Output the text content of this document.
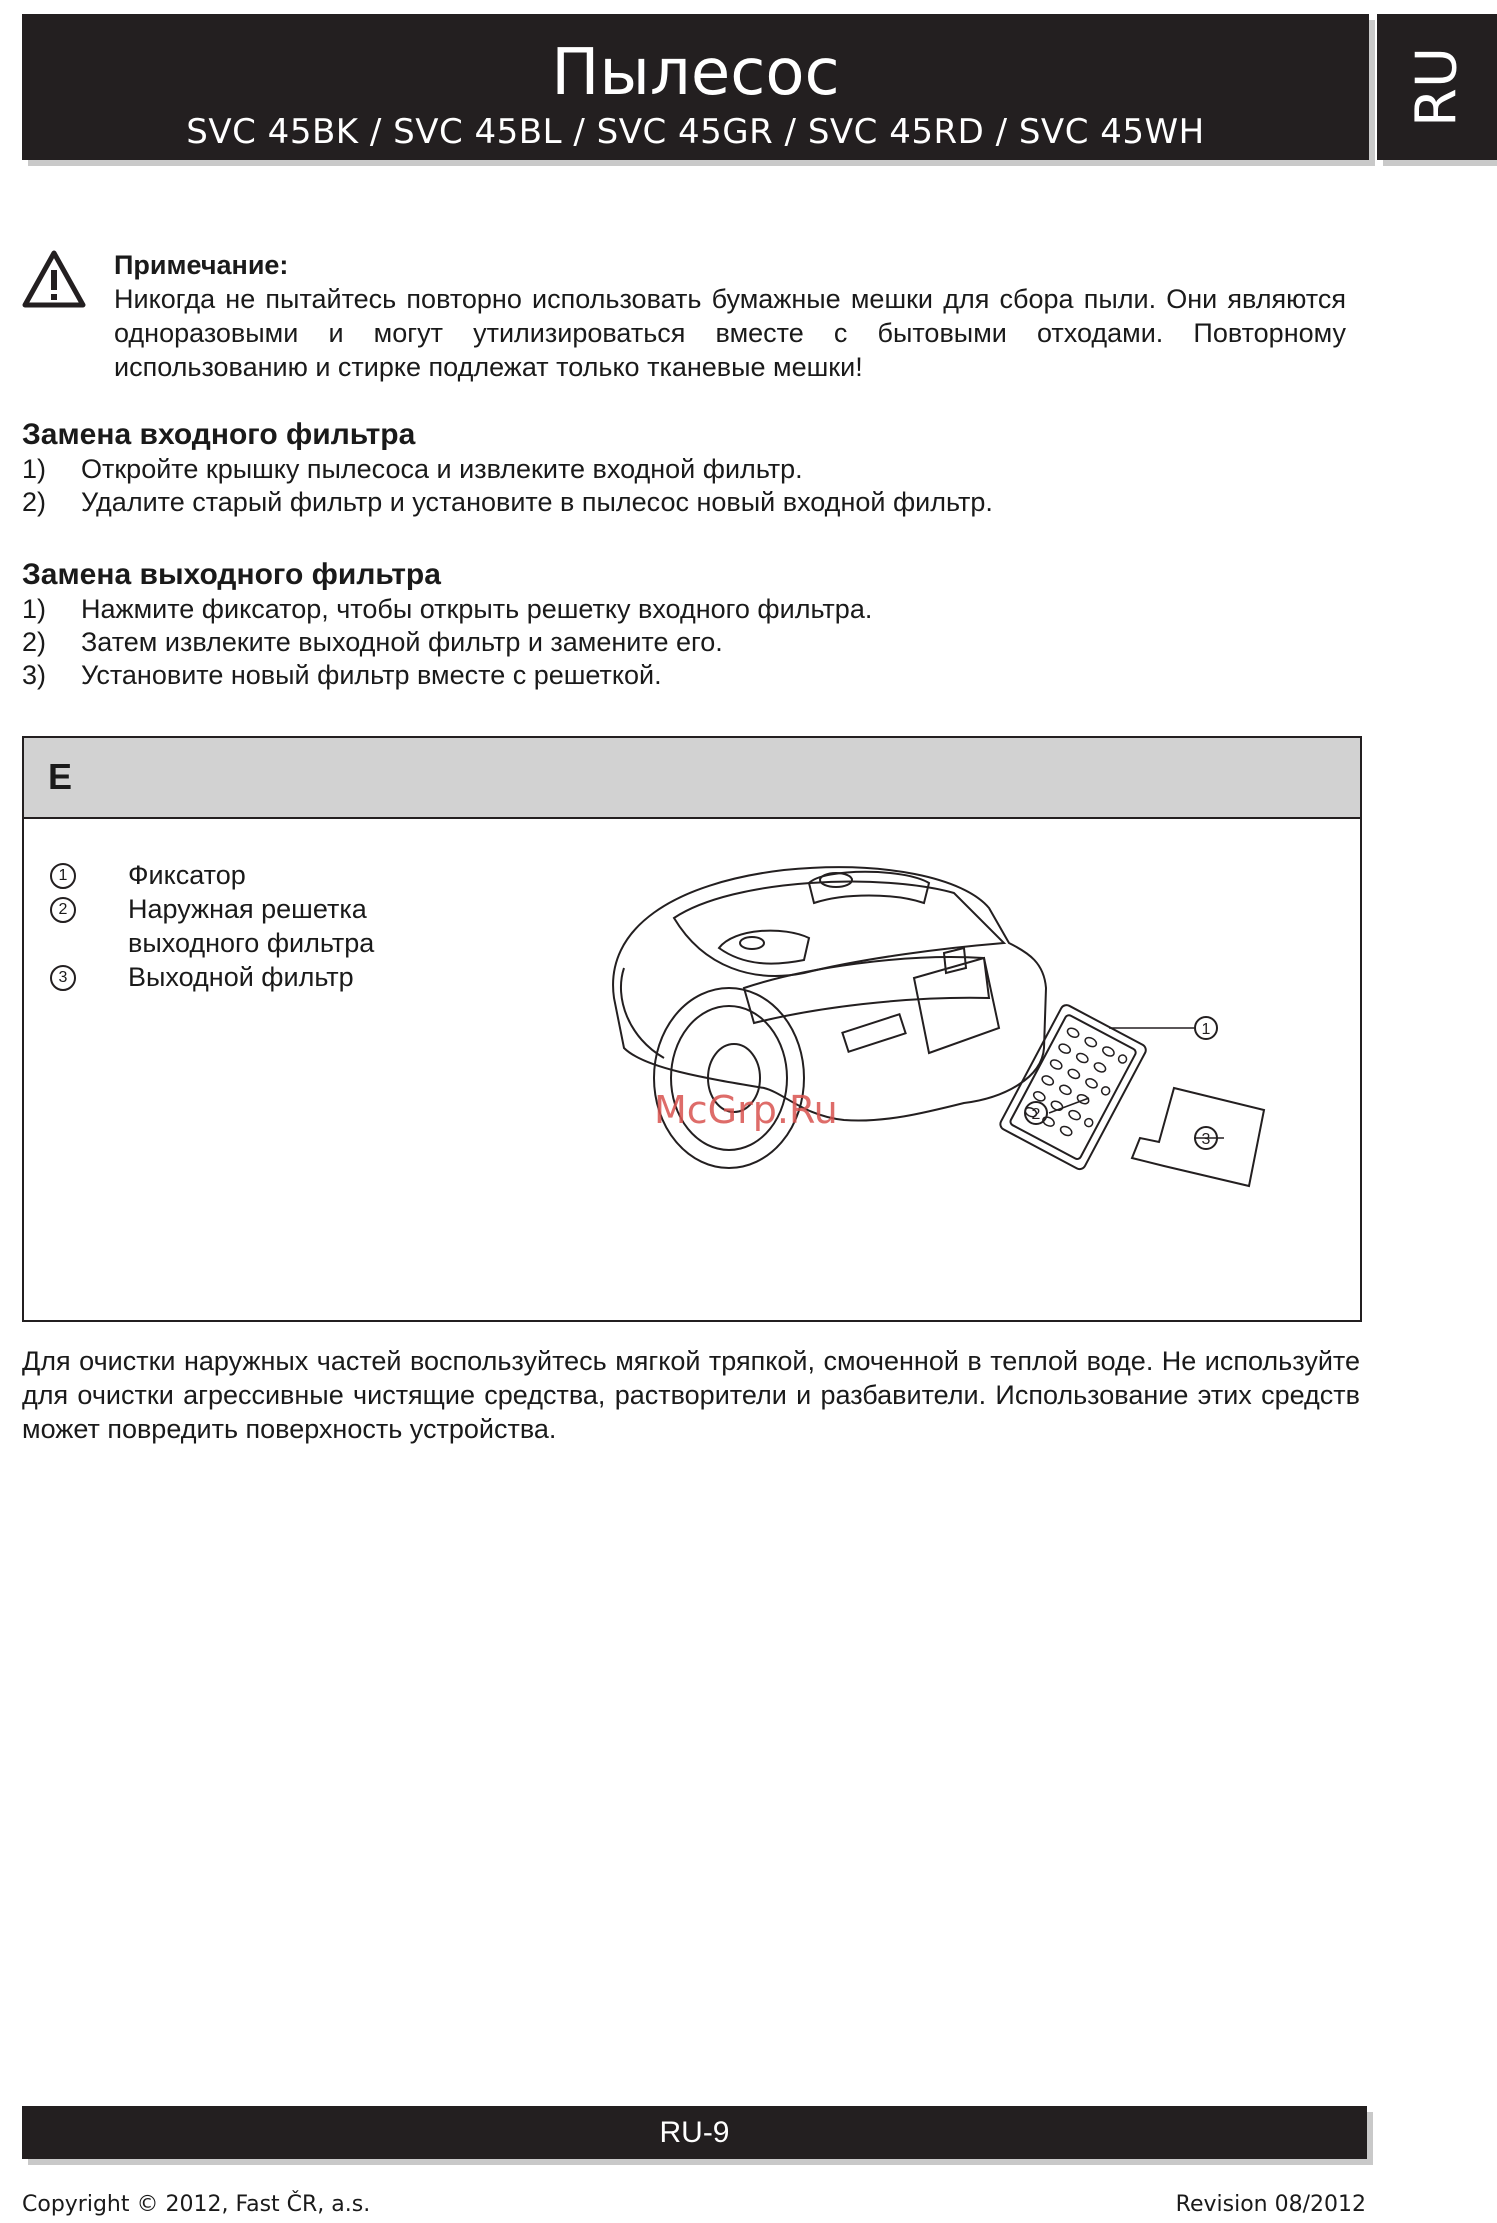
Пылесос
SVC 45BK / SVC 45BL / SVC 45GR / SVC 45RD / SVC 45WH
RU
Примечание:
Никогда не пытайтесь повторно использовать бумажные мешки для сбора пыли. Они являются одноразовыми и могут утилизироваться вместе с бытовыми отходами. Повторному использованию и стирке подлежат только тканевые мешки!
Замена входного фильтра
1) Откройте крышку пылесоса и извлеките входной фильтр.
2) Удалите старый фильтр и установите в пылесос новый входной фильтр.
Замена выходного фильтра
1) Нажмите фиксатор, чтобы открыть решетку входного фильтра.
2) Затем извлеките выходной фильтр и замените его.
3) Установите новый фильтр вместе с решеткой.
E
1	Фиксатор
2	Наружная решетка выходного фильтра
3	Выходной фильтр
1
2
3
McGrp.Ru
Для очистки наружных частей воспользуйтесь мягкой тряпкой, смоченной в теплой воде. Не используйте для очистки агрессивные чистящие средства, растворители и разбавители. Использование этих средств может повредить поверхность устройства.
RU-9
Copyright © 2012, Fast ČR, a.s.	Revision 08/2012
